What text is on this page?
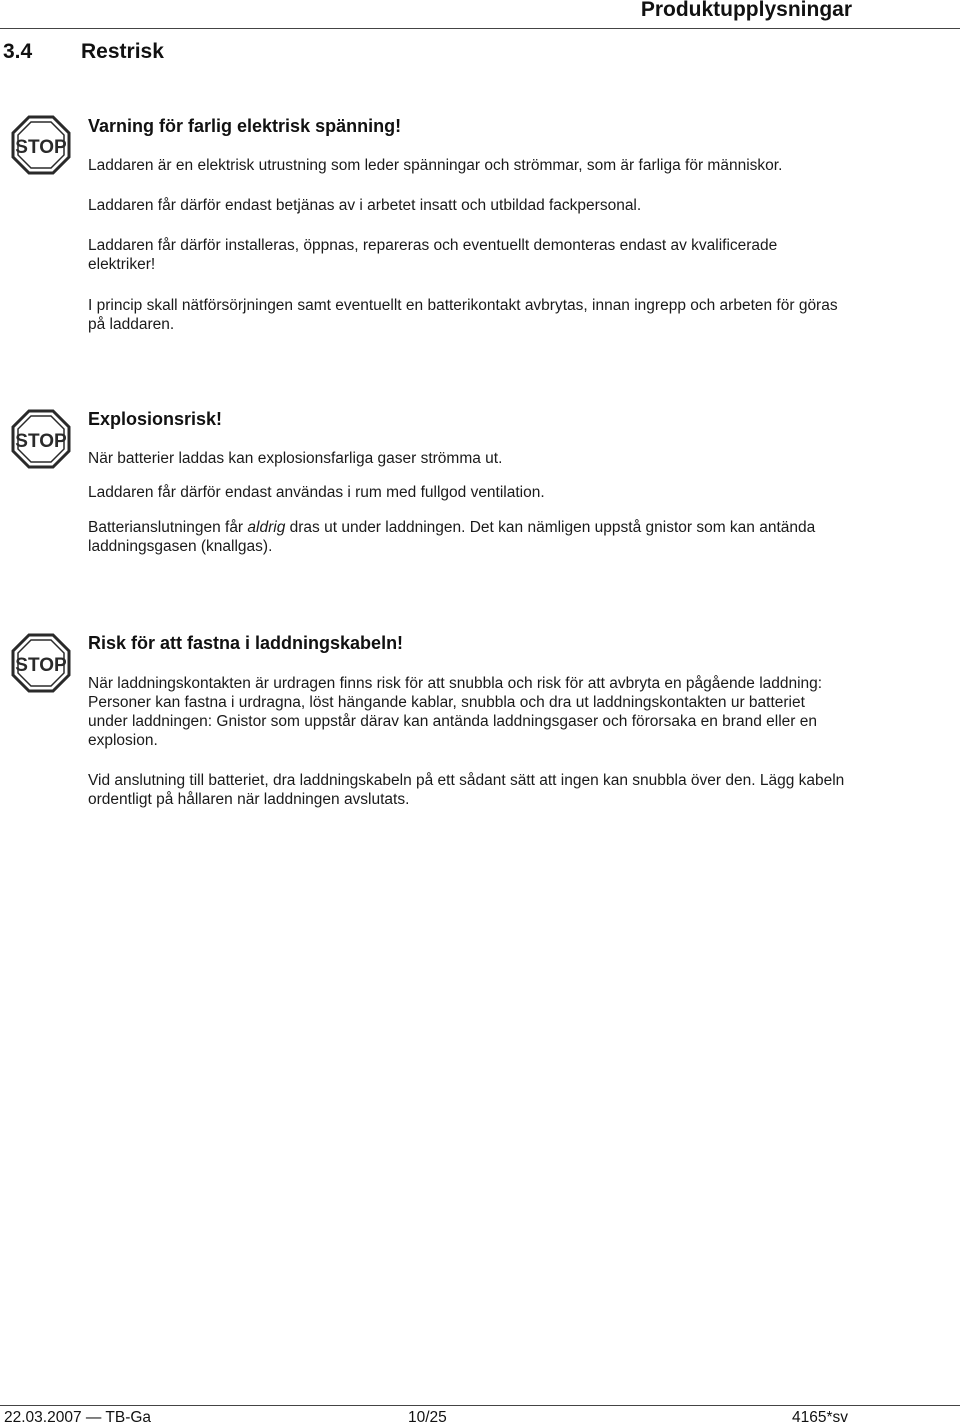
Produktupplysningar
3.4 Restrisk
STOP
Varning för farlig elektrisk spänning!

Laddaren är en elektrisk utrustning som leder spänningar och strömmar, som är farliga för människor.

Laddaren får därför endast betjänas av i arbetet insatt och utbildad fackpersonal.

Laddaren får därför installeras, öppnas, repareras och eventuellt demonteras endast av kvalificerade elektriker!

I princip skall nätförsörjningen samt eventuellt en batterikontakt avbrytas, innan ingrepp och arbeten för göras på laddaren.

STOP
Explosionsrisk!

När batterier laddas kan explosionsfarliga gaser strömma ut.

Laddaren får därför endast användas i rum med fullgod ventilation.

Batterianslutningen får aldrig dras ut under laddningen. Det kan nämligen uppstå gnistor som kan antända laddningsgasen (knallgas).

STOP
Risk för att fastna i laddningskabeln!

När laddningskontakten är urdragen finns risk för att snubbla och risk för att avbryta en pågående laddning:

Personer kan fastna i urdragna, löst hängande kablar, snubbla och dra ut laddningskontakten ur batteriet under laddningen: Gnistor som uppstår därav kan antända laddningsgaser och förorsaka en brand eller en explosion.

Vid anslutning till batteriet, dra laddningskabeln på ett sådant sätt att ingen kan snubbla över den. Lägg kabeln ordentligt på hållaren när laddningen avslutats.

22.03.2007 — TB-Ga	10/25	4165*sv
